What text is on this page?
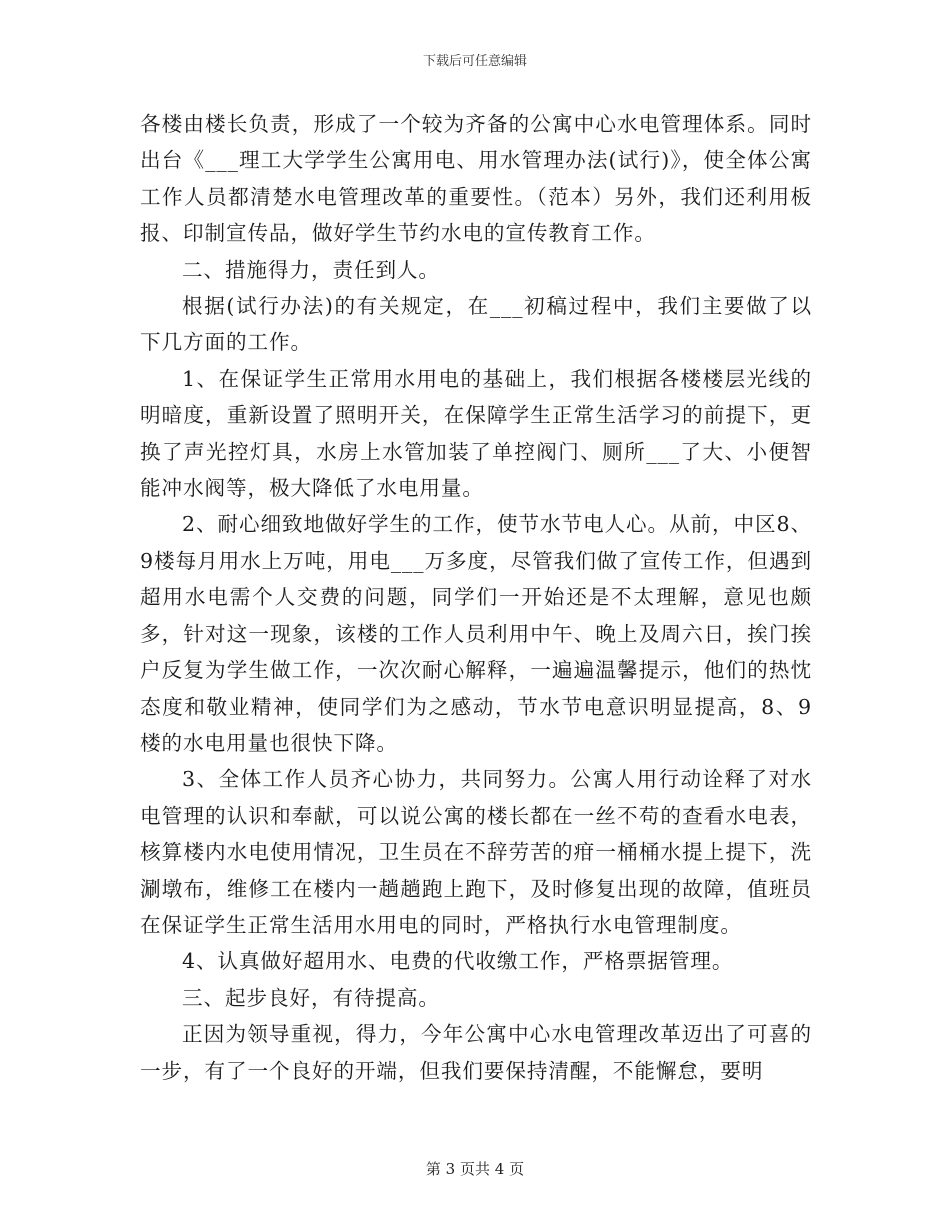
下载后可任意编辑

各楼由楼长负责，形成了一个较为齐备的公寓中心水电管理体系。同时出台《___理工大学学生公寓用电、用水管理办法(试行)》，使全体公寓工作人员都清楚水电管理改革的重要性。（范本）另外，我们还利用板报、印制宣传品，做好学生节约水电的宣传教育工作。

二、措施得力，责任到人。

根据(试行办法)的有关规定，在___初稿过程中，我们主要做了以下几方面的工作。

1、在保证学生正常用水用电的基础上，我们根据各楼楼层光线的明暗度，重新设置了照明开关，在保障学生正常生活学习的前提下，更换了声光控灯具，水房上水管加装了单控阀门、厕所___了大、小便智能冲水阀等，极大降低了水电用量。

2、耐心细致地做好学生的工作，使节水节电人心。从前，中区8、9楼每月用水上万吨，用电___万多度，尽管我们做了宣传工作，但遇到超用水电需个人交费的问题，同学们一开始还是不太理解，意见也颇多，针对这一现象，该楼的工作人员利用中午、晚上及周六日，挨门挨户反复为学生做工作，一次次耐心解释，一遍遍温馨提示，他们的热忱态度和敬业精神，使同学们为之感动，节水节电意识明显提高，8、9楼的水电用量也很快下降。

3、全体工作人员齐心协力，共同努力。公寓人用行动诠释了对水电管理的认识和奉献，可以说公寓的楼长都在一丝不苟的查看水电表，核算楼内水电使用情况，卫生员在不辞劳苦的疳一桶桶水提上提下，洗涮墩布，维修工在楼内一趟趟跑上跑下，及时修复出现的故障，值班员在保证学生正常生活用水用电的同时，严格执行水电管理制度。

4、认真做好超用水、电费的代收缴工作，严格票据管理。

三、起步良好，有待提高。

正因为领导重视，得力，今年公寓中心水电管理改革迈出了可喜的一步，有了一个良好的开端，但我们要保持清醒，不能懈怠，要明

第 3 页共 4 页
